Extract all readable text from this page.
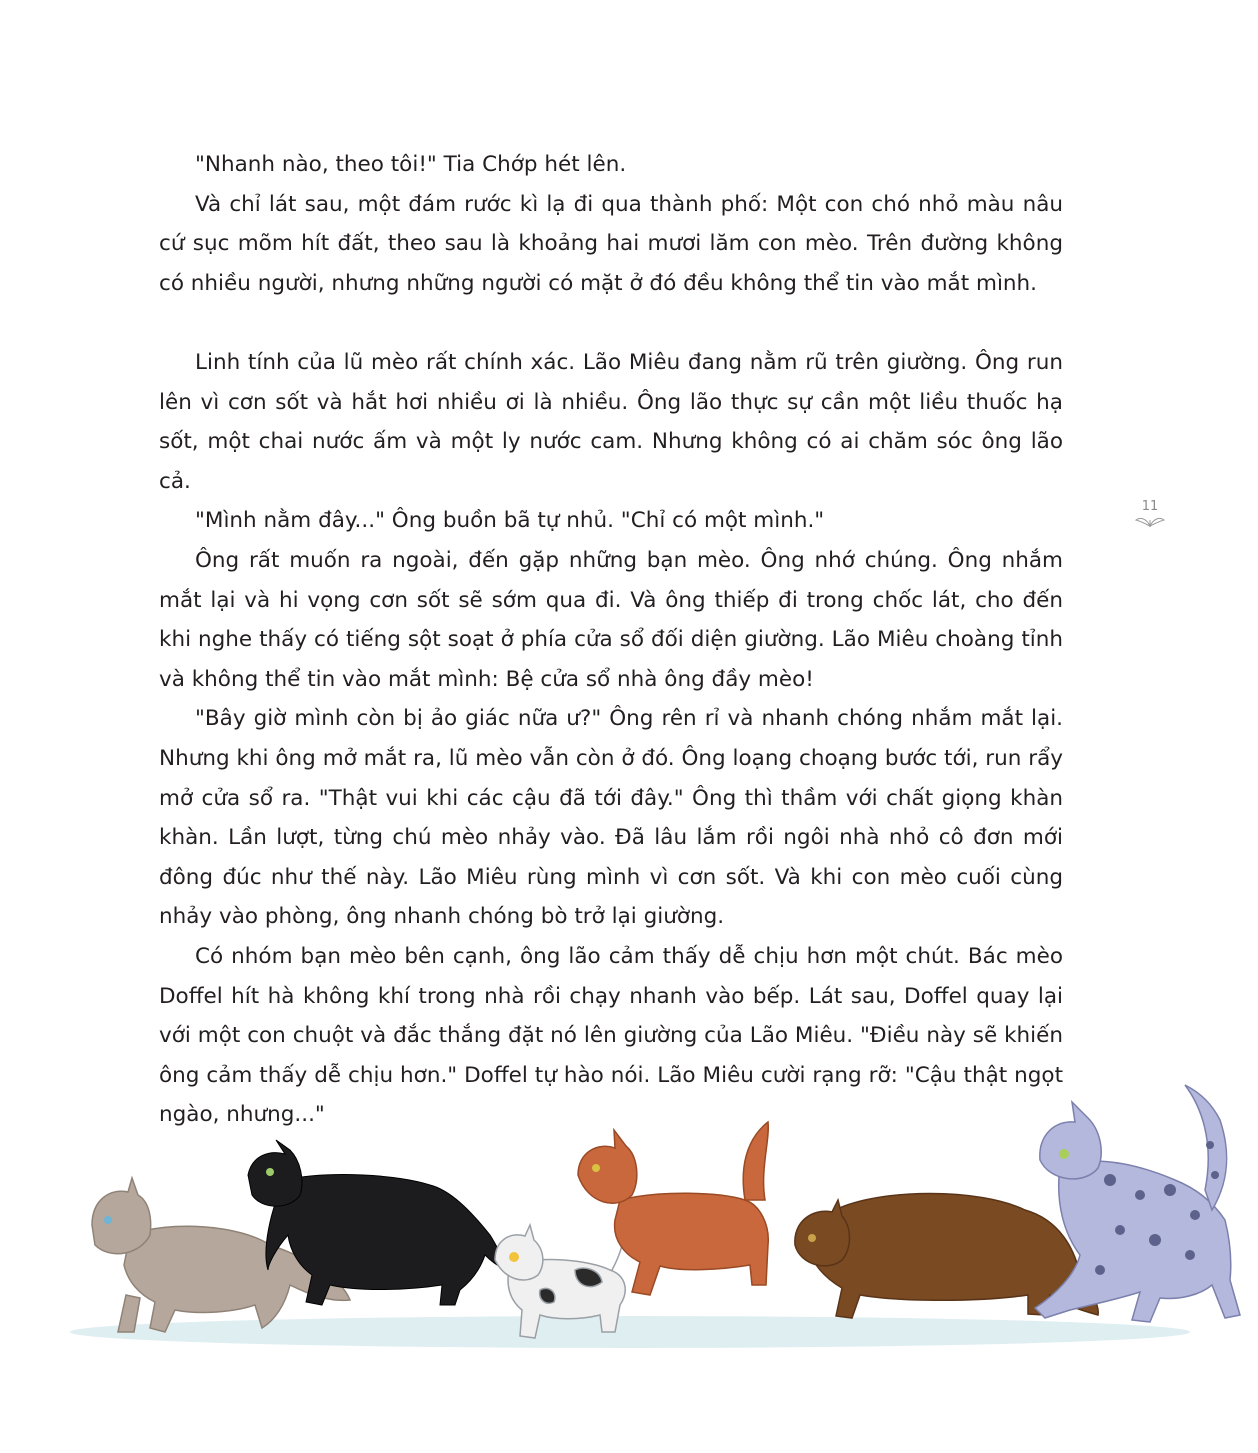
"Nhanh nào, theo tôi!" Tia Chớp hét lên.

Và chỉ lát sau, một đám rước kì lạ đi qua thành phố: Một con chó nhỏ màu nâu cứ sục mõm hít đất, theo sau là khoảng hai mươi lăm con mèo. Trên đường không có nhiều người, nhưng những người có mặt ở đó đều không thể tin vào mắt mình.

Linh tính của lũ mèo rất chính xác. Lão Miêu đang nằm rũ trên giường. Ông run lên vì cơn sốt và hắt hơi nhiều ơi là nhiều. Ông lão thực sự cần một liều thuốc hạ sốt, một chai nước ấm và một ly nước cam. Nhưng không có ai chăm sóc ông lão cả.

"Mình nằm đây..." Ông buồn bã tự nhủ. "Chỉ có một mình."

Ông rất muốn ra ngoài, đến gặp những bạn mèo. Ông nhớ chúng. Ông nhắm mắt lại và hi vọng cơn sốt sẽ sớm qua đi. Và ông thiếp đi trong chốc lát, cho đến khi nghe thấy có tiếng sột soạt ở phía cửa sổ đối diện giường. Lão Miêu choàng tỉnh và không thể tin vào mắt mình: Bệ cửa sổ nhà ông đầy mèo!

"Bây giờ mình còn bị ảo giác nữa ư?" Ông rên rỉ và nhanh chóng nhắm mắt lại. Nhưng khi ông mở mắt ra, lũ mèo vẫn còn ở đó. Ông loạng choạng bước tới, run rẩy mở cửa sổ ra. "Thật vui khi các cậu đã tới đây." Ông thì thầm với chất giọng khàn khàn. Lần lượt, từng chú mèo nhảy vào. Đã lâu lắm rồi ngôi nhà nhỏ cô đơn mới đông đúc như thế này. Lão Miêu rùng mình vì cơn sốt. Và khi con mèo cuối cùng nhảy vào phòng, ông nhanh chóng bò trở lại giường.

Có nhóm bạn mèo bên cạnh, ông lão cảm thấy dễ chịu hơn một chút. Bác mèo Doffel hít hà không khí trong nhà rồi chạy nhanh vào bếp. Lát sau, Doffel quay lại với một con chuột và đắc thắng đặt nó lên giường của Lão Miêu. "Điều này sẽ khiến ông cảm thấy dễ chịu hơn." Doffel tự hào nói. Lão Miêu cười rạng rỡ: "Cậu thật ngọt ngào, nhưng..."

11
